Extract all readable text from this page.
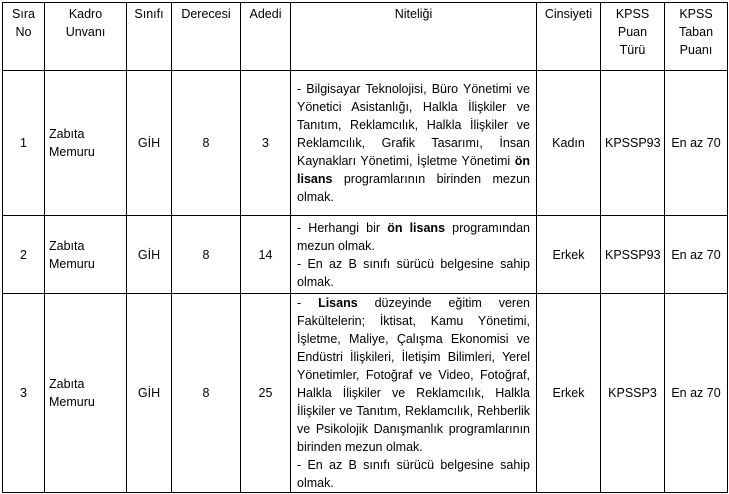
Sıra No	Kadro Unvanı	Sınıfı	Derecesi	Adedi	Niteliği	Cinsiyeti	KPSS Puan Türü	KPSS Taban Puanı
1	Zabıta Memuru	GİH	8	3	- Bilgisayar Teknolojisi, Büro Yönetimi ve Yönetici Asistanlığı, Halkla İlişkiler ve Tanıtım, Reklamcılık, Halkla İlişkiler ve Reklamcılık, Grafik Tasarımı, İnsan Kaynakları Yönetimi, İşletme Yönetimi ön lisans programlarının birinden mezun olmak.	Kadın	KPSSP93	En az 70
2	Zabıta Memuru	GİH	8	14	- Herhangi bir ön lisans programından mezun olmak.
- En az B sınıfı sürücü belgesine sahip olmak.	Erkek	KPSSP93	En az 70
3	Zabıta Memuru	GİH	8	25	- Lisans düzeyinde eğitim veren Fakültelerin; İktisat, Kamu Yönetimi, İşletme, Maliye, Çalışma Ekonomisi ve Endüstri İlişkileri, İletişim Bilimleri, Yerel Yönetimler, Fotoğraf ve Video, Fotoğraf, Halkla İlişkiler ve Reklamcılık, Halkla İlişkiler ve Tanıtım, Reklamcılık, Rehberlik ve Psikolojik Danışmanlık programlarının birinden mezun olmak.
- En az B sınıfı sürücü belgesine sahip olmak.	Erkek	KPSSP3	En az 70
